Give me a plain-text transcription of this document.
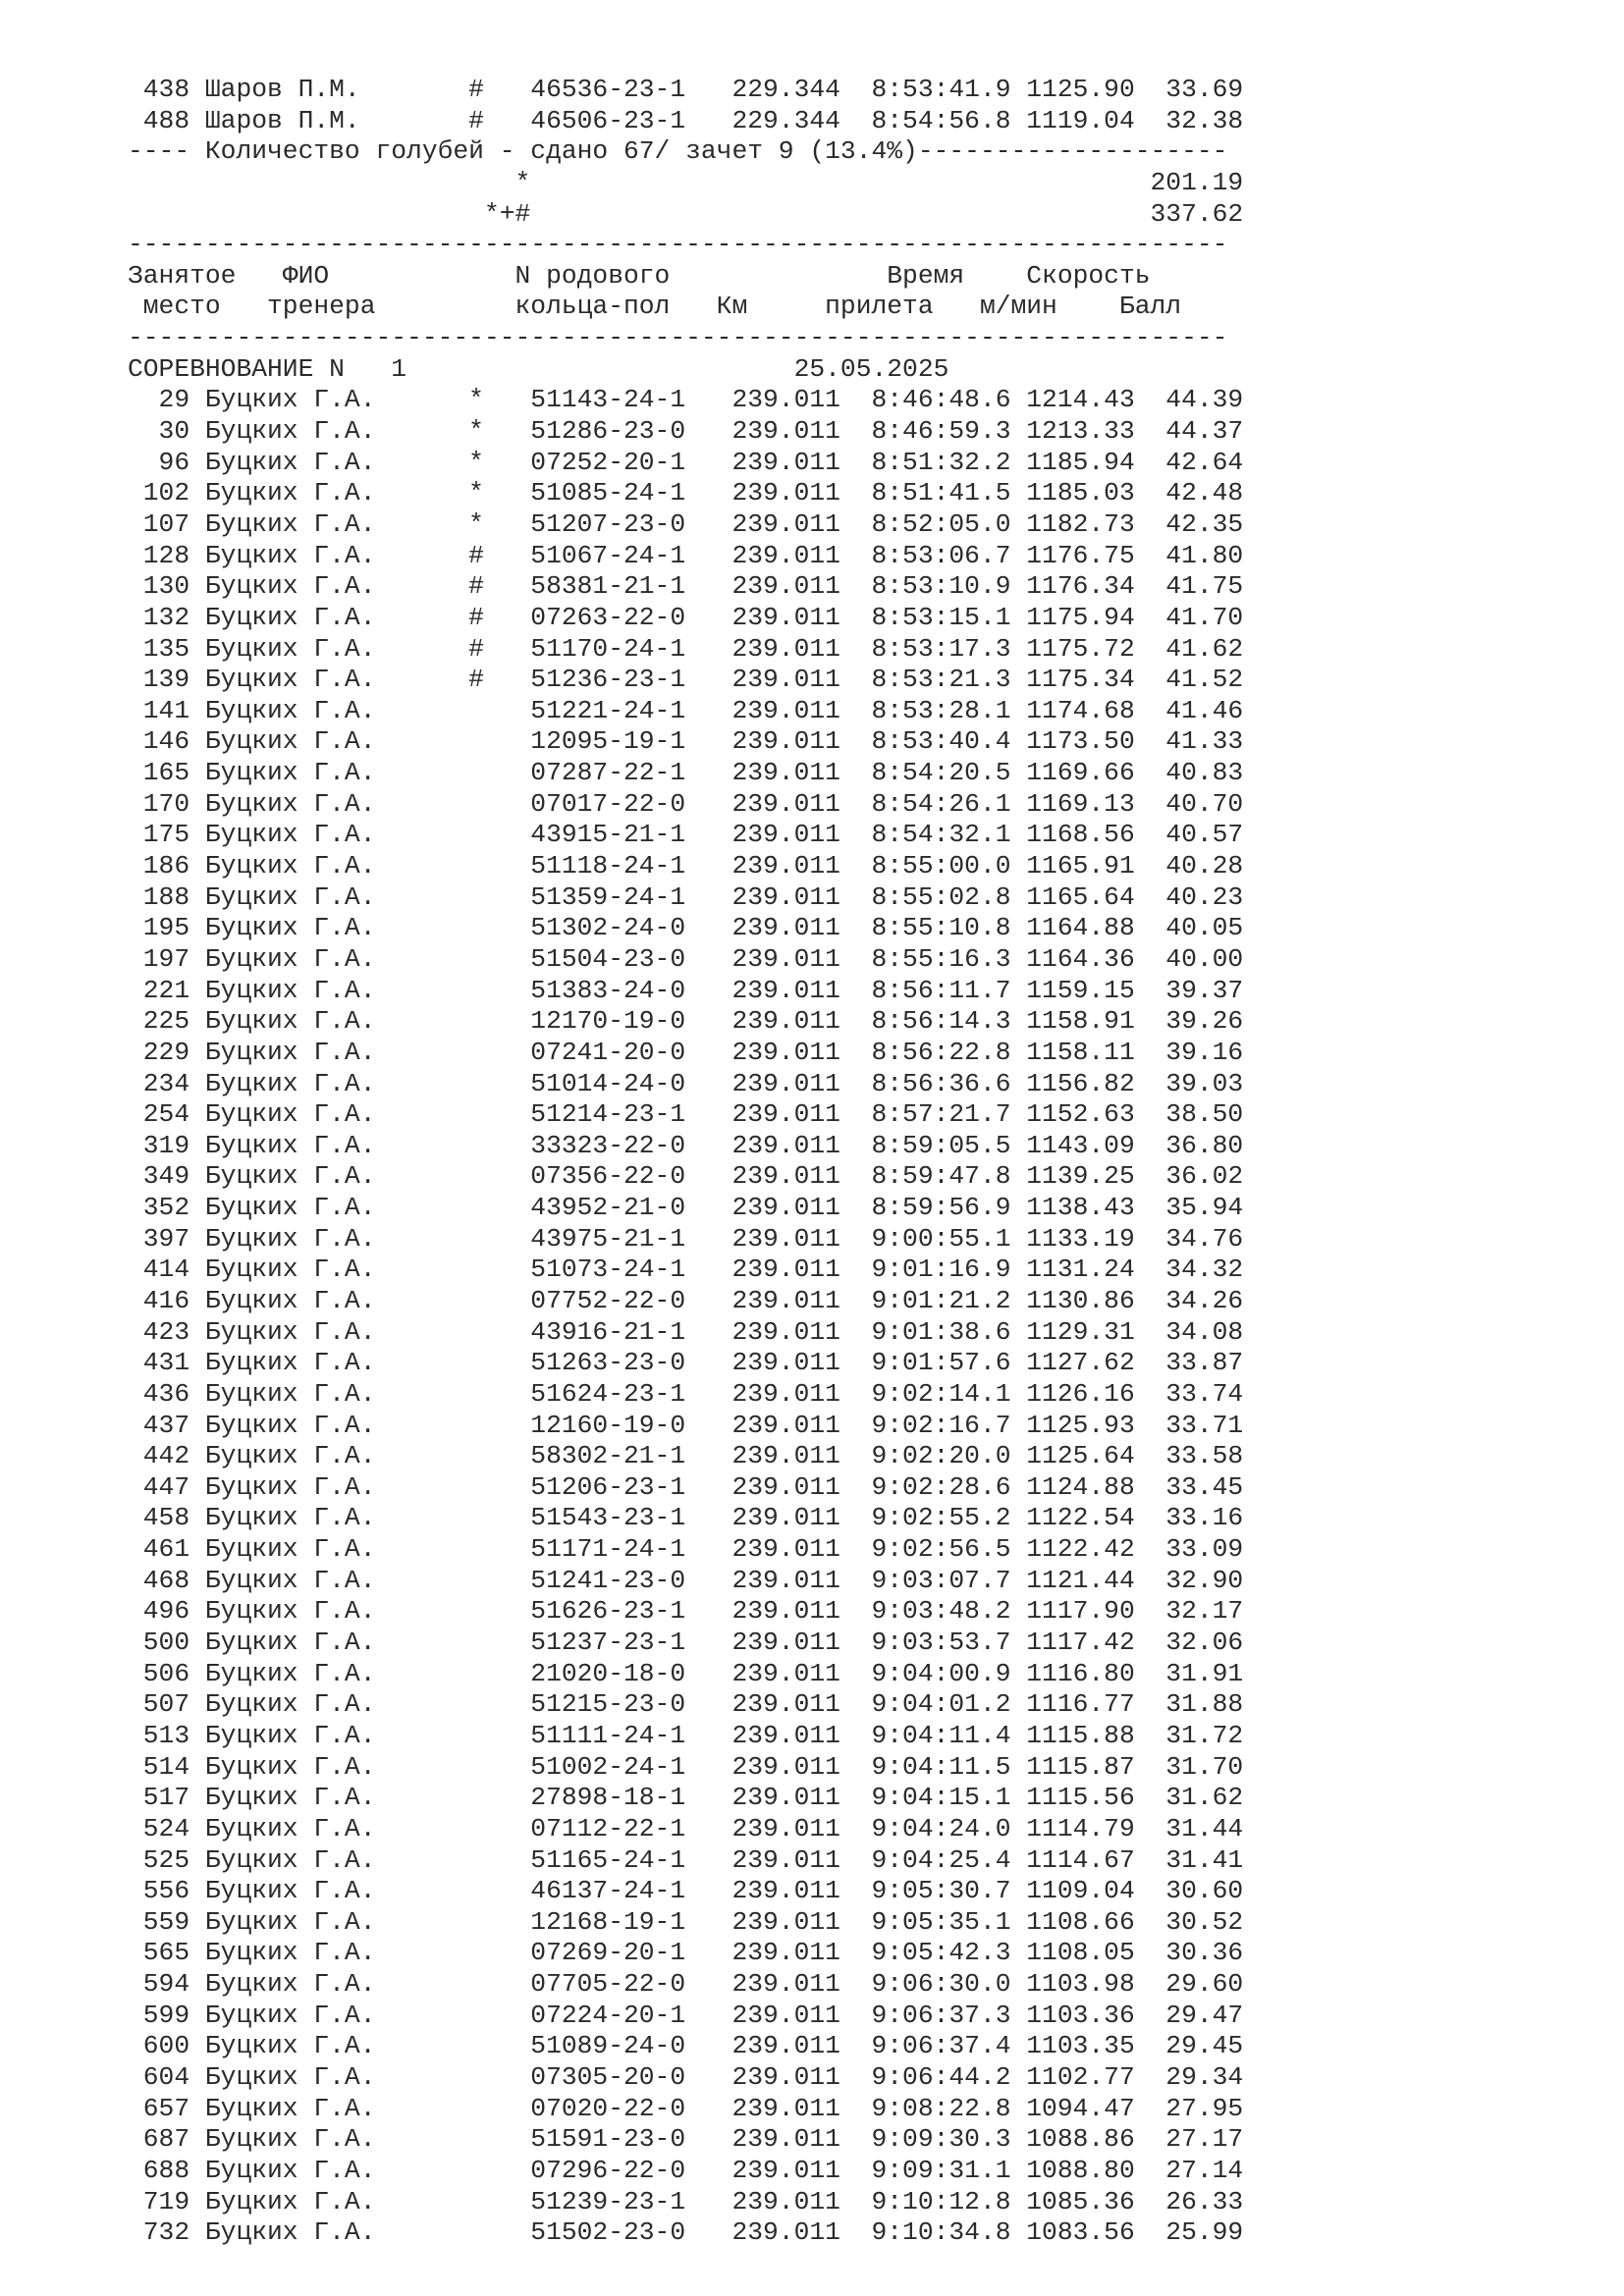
438 Шаров П.М.       #   46536-23-1   229.344  8:53:41.9 1125.90  33.69
488 Шаров П.М.       #   46506-23-1   229.344  8:54:56.8 1119.04  32.38
---- Количество голубей - сдано 67/ зачет 9 (13.4%)--------------------
*                                        201.19
*+#                                        337.62
-----------------------------------------------------------------------
Занятое   ФИО            N родового              Время    Скорость
место   тренера         кольца-пол   Км     прилета   м/мин    Балл
-----------------------------------------------------------------------
СОРЕВНОВАНИЕ N   1                         25.05.2025
29 Буцких Г.А.      *   51143-24-1   239.011  8:46:48.6 1214.43  44.39
30 Буцких Г.А.      *   51286-23-0   239.011  8:46:59.3 1213.33  44.37
96 Буцких Г.А.      *   07252-20-1   239.011  8:51:32.2 1185.94  42.64
102 Буцких Г.А.      *   51085-24-1   239.011  8:51:41.5 1185.03  42.48
107 Буцких Г.А.      *   51207-23-0   239.011  8:52:05.0 1182.73  42.35
128 Буцких Г.А.      #   51067-24-1   239.011  8:53:06.7 1176.75  41.80
130 Буцких Г.А.      #   58381-21-1   239.011  8:53:10.9 1176.34  41.75
132 Буцких Г.А.      #   07263-22-0   239.011  8:53:15.1 1175.94  41.70
135 Буцких Г.А.      #   51170-24-1   239.011  8:53:17.3 1175.72  41.62
139 Буцких Г.А.      #   51236-23-1   239.011  8:53:21.3 1175.34  41.52
141 Буцких Г.А.          51221-24-1   239.011  8:53:28.1 1174.68  41.46
146 Буцких Г.А.          12095-19-1   239.011  8:53:40.4 1173.50  41.33
165 Буцких Г.А.          07287-22-1   239.011  8:54:20.5 1169.66  40.83
170 Буцких Г.А.          07017-22-0   239.011  8:54:26.1 1169.13  40.70
175 Буцких Г.А.          43915-21-1   239.011  8:54:32.1 1168.56  40.57
186 Буцких Г.А.          51118-24-1   239.011  8:55:00.0 1165.91  40.28
188 Буцких Г.А.          51359-24-1   239.011  8:55:02.8 1165.64  40.23
195 Буцких Г.А.          51302-24-0   239.011  8:55:10.8 1164.88  40.05
197 Буцких Г.А.          51504-23-0   239.011  8:55:16.3 1164.36  40.00
221 Буцких Г.А.          51383-24-0   239.011  8:56:11.7 1159.15  39.37
225 Буцких Г.А.          12170-19-0   239.011  8:56:14.3 1158.91  39.26
229 Буцких Г.А.          07241-20-0   239.011  8:56:22.8 1158.11  39.16
234 Буцких Г.А.          51014-24-0   239.011  8:56:36.6 1156.82  39.03
254 Буцких Г.А.          51214-23-1   239.011  8:57:21.7 1152.63  38.50
319 Буцких Г.А.          33323-22-0   239.011  8:59:05.5 1143.09  36.80
349 Буцких Г.А.          07356-22-0   239.011  8:59:47.8 1139.25  36.02
352 Буцких Г.А.          43952-21-0   239.011  8:59:56.9 1138.43  35.94
397 Буцких Г.А.          43975-21-1   239.011  9:00:55.1 1133.19  34.76
414 Буцких Г.А.          51073-24-1   239.011  9:01:16.9 1131.24  34.32
416 Буцких Г.А.          07752-22-0   239.011  9:01:21.2 1130.86  34.26
423 Буцких Г.А.          43916-21-1   239.011  9:01:38.6 1129.31  34.08
431 Буцких Г.А.          51263-23-0   239.011  9:01:57.6 1127.62  33.87
436 Буцких Г.А.          51624-23-1   239.011  9:02:14.1 1126.16  33.74
437 Буцких Г.А.          12160-19-0   239.011  9:02:16.7 1125.93  33.71
442 Буцких Г.А.          58302-21-1   239.011  9:02:20.0 1125.64  33.58
447 Буцких Г.А.          51206-23-1   239.011  9:02:28.6 1124.88  33.45
458 Буцких Г.А.          51543-23-1   239.011  9:02:55.2 1122.54  33.16
461 Буцких Г.А.          51171-24-1   239.011  9:02:56.5 1122.42  33.09
468 Буцких Г.А.          51241-23-0   239.011  9:03:07.7 1121.44  32.90
496 Буцких Г.А.          51626-23-1   239.011  9:03:48.2 1117.90  32.17
500 Буцких Г.А.          51237-23-1   239.011  9:03:53.7 1117.42  32.06
506 Буцких Г.А.          21020-18-0   239.011  9:04:00.9 1116.80  31.91
507 Буцких Г.А.          51215-23-0   239.011  9:04:01.2 1116.77  31.88
513 Буцких Г.А.          51111-24-1   239.011  9:04:11.4 1115.88  31.72
514 Буцких Г.А.          51002-24-1   239.011  9:04:11.5 1115.87  31.70
517 Буцких Г.А.          27898-18-1   239.011  9:04:15.1 1115.56  31.62
524 Буцких Г.А.          07112-22-1   239.011  9:04:24.0 1114.79  31.44
525 Буцких Г.А.          51165-24-1   239.011  9:04:25.4 1114.67  31.41
556 Буцких Г.А.          46137-24-1   239.011  9:05:30.7 1109.04  30.60
559 Буцких Г.А.          12168-19-1   239.011  9:05:35.1 1108.66  30.52
565 Буцких Г.А.          07269-20-1   239.011  9:05:42.3 1108.05  30.36
594 Буцких Г.А.          07705-22-0   239.011  9:06:30.0 1103.98  29.60
599 Буцких Г.А.          07224-20-1   239.011  9:06:37.3 1103.36  29.47
600 Буцких Г.А.          51089-24-0   239.011  9:06:37.4 1103.35  29.45
604 Буцких Г.А.          07305-20-0   239.011  9:06:44.2 1102.77  29.34
657 Буцких Г.А.          07020-22-0   239.011  9:08:22.8 1094.47  27.95
687 Буцких Г.А.          51591-23-0   239.011  9:09:30.3 1088.86  27.17
688 Буцких Г.А.          07296-22-0   239.011  9:09:31.1 1088.80  27.14
719 Буцких Г.А.          51239-23-1   239.011  9:10:12.8 1085.36  26.33
732 Буцких Г.А.          51502-23-0   239.011  9:10:34.8 1083.56  25.99
